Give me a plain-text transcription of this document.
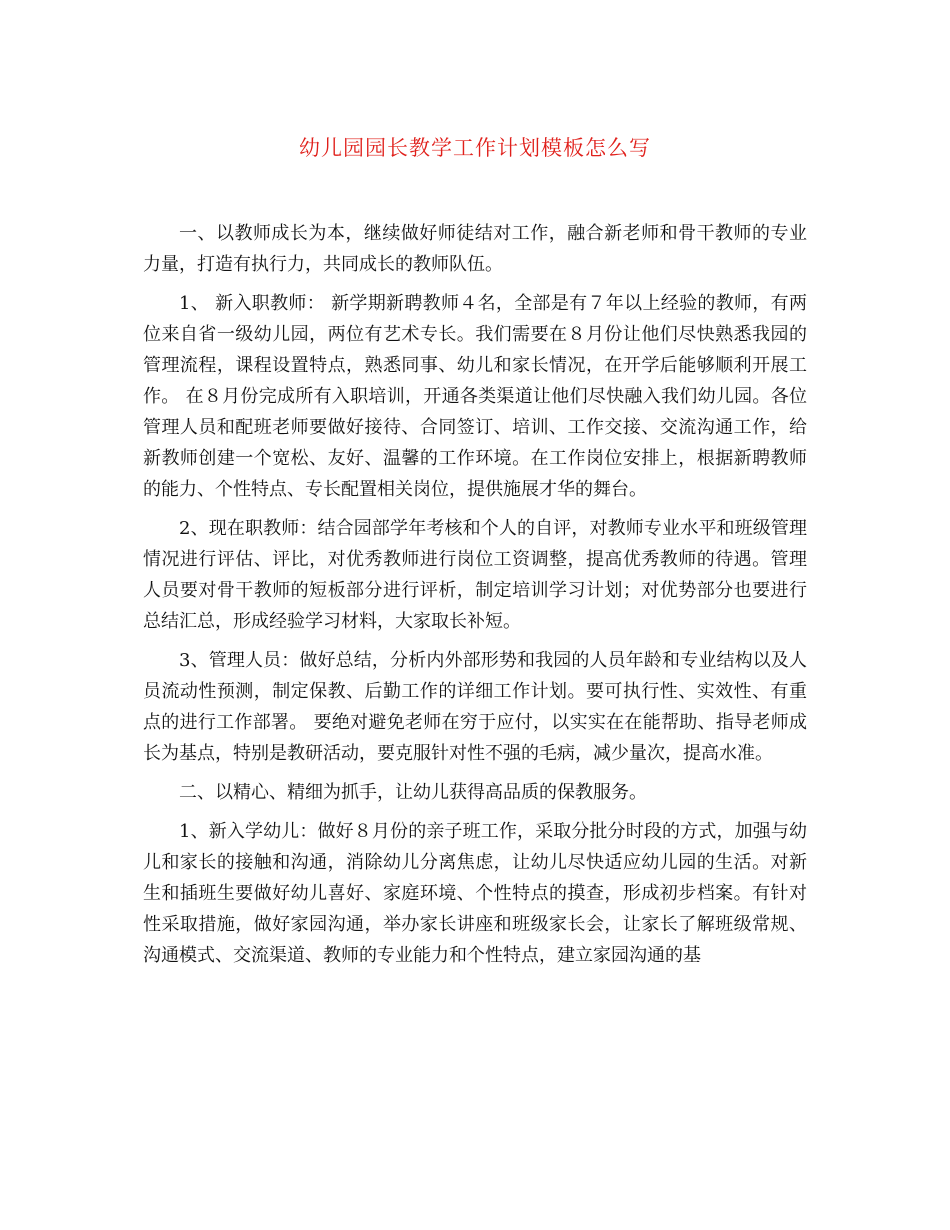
幼儿园园长教学工作计划模板怎么写

一、以教师成长为本，继续做好师徒结对工作，融合新老师和骨干教师的专业力量，打造有执行力，共同成长的教师队伍。

1、 新入职教师： 新学期新聘教师４名，全部是有７年以上经验的教师，有两位来自省一级幼儿园，两位有艺术专长。我们需要在８月份让他们尽快熟悉我园的管理流程，课程设置特点，熟悉同事、幼儿和家长情况，在开学后能够顺利开展工作。 在８月份完成所有入职培训，开通各类渠道让他们尽快融入我们幼儿园。各位管理人员和配班老师要做好接待、合同签订、培训、工作交接、交流沟通工作，给新教师创建一个宽松、友好、温馨的工作环境。在工作岗位安排上，根据新聘教师的能力、个性特点、专长配置相关岗位，提供施展才华的舞台。

2、现在职教师：结合园部学年考核和个人的自评，对教师专业水平和班级管理情况进行评估、评比，对优秀教师进行岗位工资调整，提高优秀教师的待遇。管理人员要对骨干教师的短板部分进行评析，制定培训学习计划；对优势部分也要进行总结汇总，形成经验学习材料，大家取长补短。

3、管理人员：做好总结，分析内外部形势和我园的人员年龄和专业结构以及人员流动性预测，制定保教、后勤工作的详细工作计划。要可执行性、实效性、有重点的进行工作部署。 要绝对避免老师在穷于应付，以实实在在能帮助、指导老师成长为基点，特别是教研活动，要克服针对性不强的毛病，减少量次，提高水准。

二、以精心、精细为抓手，让幼儿获得高品质的保教服务。

1、新入学幼儿：做好８月份的亲子班工作，采取分批分时段的方式，加强与幼儿和家长的接触和沟通，消除幼儿分离焦虑，让幼儿尽快适应幼儿园的生活。对新生和插班生要做好幼儿喜好、家庭环境、个性特点的摸查，形成初步档案。有针对性采取措施，做好家园沟通，举办家长讲座和班级家长会，让家长了解班级常规、沟通模式、交流渠道、教师的专业能力和个性特点，建立家园沟通的基
